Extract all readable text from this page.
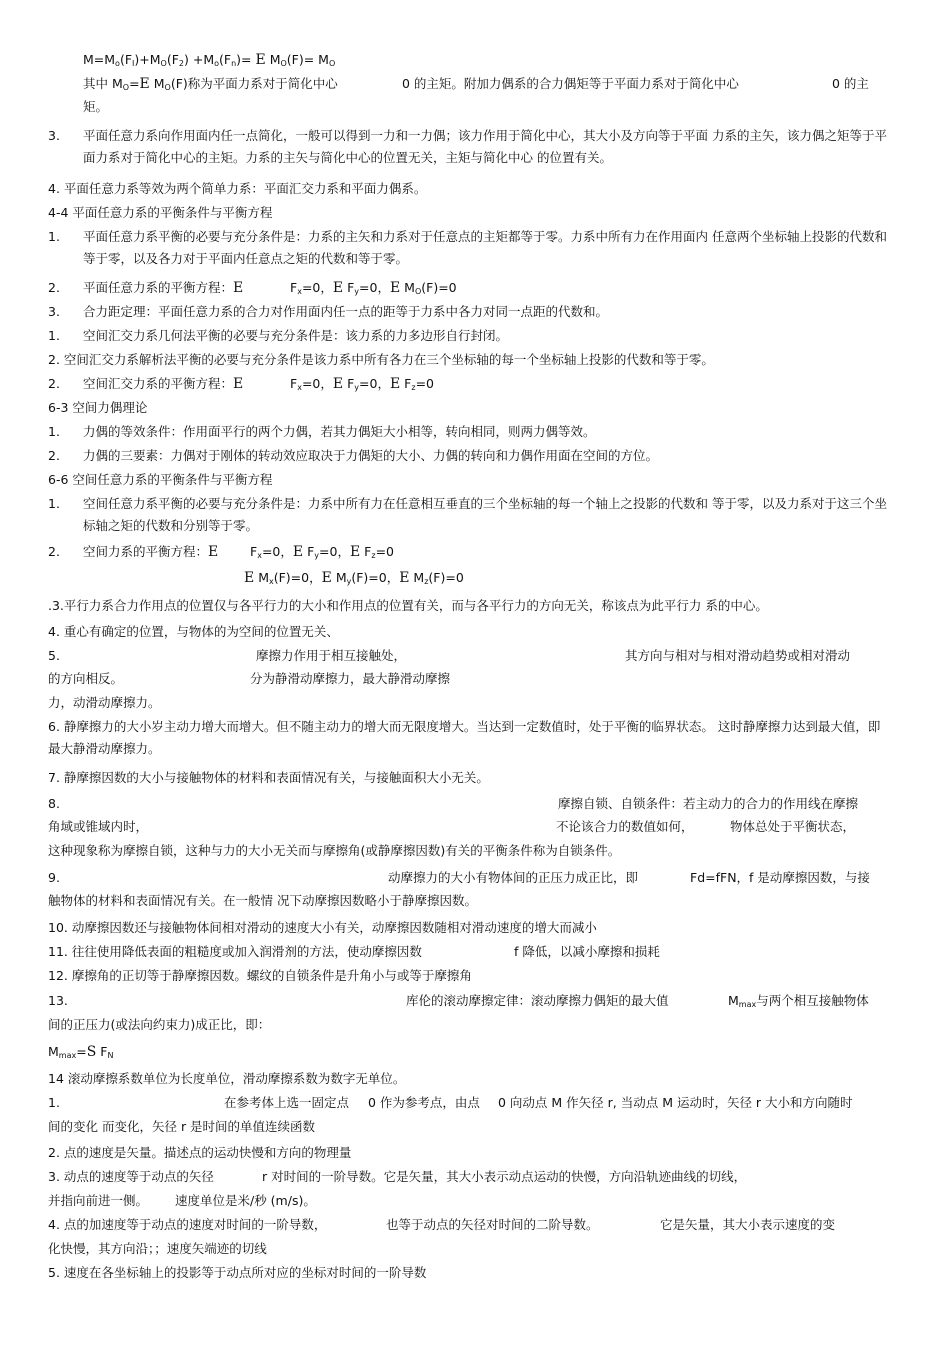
$M=M_o(F_I)+M_O(F_2) +M_o(F_n)= E$ $M_O(F)= M_O$
其中 $M_O=E$ $M_O(F)$称为平面力系对于简化中心	0 的主矩。附加力偶系的合力偶矩等于平面力系对于简化中心	0 的主
矩。
3. 平面任意力系向作用面内任一点简化，一般可以得到一力和一力偶；该力作用于简化中心，其大小及方向等于平面 力系的主矢，该力偶之矩等于平面力系对于简化中心的主矩。力系的主矢与简化中心的位置无关，主矩与简化中心 的位置有关。
4. 平面任意力系等效为两个简单力系：平面汇交力系和平面力偶系。
4-4 平面任意力系的平衡条件与平衡方程
1. 平面任意力系平衡的必要与充分条件是：力系的主矢和力系对于任意点的主矩都等于零。力系中所有力在作用面内 任意两个坐标轴上投影的代数和等于零，以及各力对于平面内任意点之矩的代数和等于零。
2. 平面任意力系的平衡方程：E	$F_x=0$，E $F_y=0$，E $M_O(F)=0$
3. 合力距定理：平面任意力系的合力对作用面内任一点的距等于力系中各力对同一点距的代数和。
1. 空间汇交力系几何法平衡的必要与充分条件是：该力系的力多边形自行封闭。
2. 空间汇交力系解析法平衡的必要与充分条件是该力系中所有各力在三个坐标轴的每一个坐标轴上投影的代数和等于零。
2. 空间汇交力系的平衡方程：E	$F_x=0$，E $F_y=0$，E $F_z=0$
6-3 空间力偶理论
1. 力偶的等效条件：作用面平行的两个力偶，若其力偶矩大小相等，转向相同，则两力偶等效。
2. 力偶的三要素：力偶对于刚体的转动效应取决于力偶矩的大小、力偶的转向和力偶作用面在空间的方位。
6-6 空间任意力系的平衡条件与平衡方程
1. 空间任意力系平衡的必要与充分条件是：力系中所有力在任意相互垂直的三个坐标轴的每一个轴上之投影的代数和 等于零，以及力系对于这三个坐标轴之矩的代数和分别等于零。
2. 空间力系的平衡方程：E	$F_x=0$，E $F_y=0$，E $F_z=0$
E $M_x(F)=0$，E $M_y(F)=0$，E $M_z(F)=0$
.3.平行力系合力作用点的位置仅与各平行力的大小和作用点的位置有关，而与各平行力的方向无关，称该点为此平行力 系的中心。
4. 重心有确定的位置，与物体的为空间的位置无关、
5.	摩擦力作用于相互接触处，	其方向与相对与相对滑动趋势或相对滑动
的方向相反。	分为静滑动摩擦力，最大静滑动摩擦
力，动滑动摩擦力。
6. 静摩擦力的大小岁主动力增大而增大。但不随主动力的增大而无限度增大。当达到一定数值时，处于平衡的临界状态。 这时静摩擦力达到最大值，即最大静滑动摩擦力。
7. 静摩擦因数的大小与接触物体的材料和表面情况有关，与接触面积大小无关。
8.	摩擦自锁、自锁条件：若主动力的合力的作用线在摩擦
角域或锥域内时，	不论该合力的数值如何，	物体总处于平衡状态，
这种现象称为摩擦自锁，这种与力的大小无关而与摩擦角(或静摩擦因数)有关的平衡条件称为自锁条件。
9.	动摩擦力的大小有物体间的正压力成正比，即	Fd=fFN，f 是动摩擦因数，与接
触物体的材料和表面情况有关。在一般情 况下动摩擦因数略小于静摩擦因数。
10. 动摩擦因数还与接触物体间相对滑动的速度大小有关，动摩擦因数随相对滑动速度的增大而减小
11. 往往使用降低表面的粗糙度或加入润滑剂的方法，使动摩擦因数	f 降低，以减小摩擦和损耗
12. 摩擦角的正切等于静摩擦因数。螺纹的自锁条件是升角小与或等于摩擦角
13.	库伦的滚动摩擦定律：滚动摩擦力偶矩的最大值	$M_{max}$与两个相互接触物体
间的正压力(或法向约束力)成正比，即：
$M_{max}=S$ $F_N$
14 滚动摩擦系数单位为长度单位，滑动摩擦系数为数字无单位。
1.	在参考体上选一固定点 0 作为参考点，由点 0 向动点 M 作矢径 r, 当动点 M 运动时，矢径 r 大小和方向随时
间的变化 而变化，矢径 r 是时间的单值连续函数
2. 点的速度是矢量。描述点的运动快慢和方向的物理量
3. 动点的速度等于动点的矢径	r 对时间的一阶导数。它是矢量，其大小表示动点运动的快慢，方向沿轨迹曲线的切线，
并指向前进一侧。 速度单位是米/秒 (m/s)。
4. 点的加速度等于动点的速度对时间的一阶导数，	也等于动点的矢径对时间的二阶导数。	它是矢量，其大小表示速度的变
化快慢，其方向沿；；速度矢端迹的切线
5. 速度在各坐标轴上的投影等于动点所对应的坐标对时间的一阶导数
